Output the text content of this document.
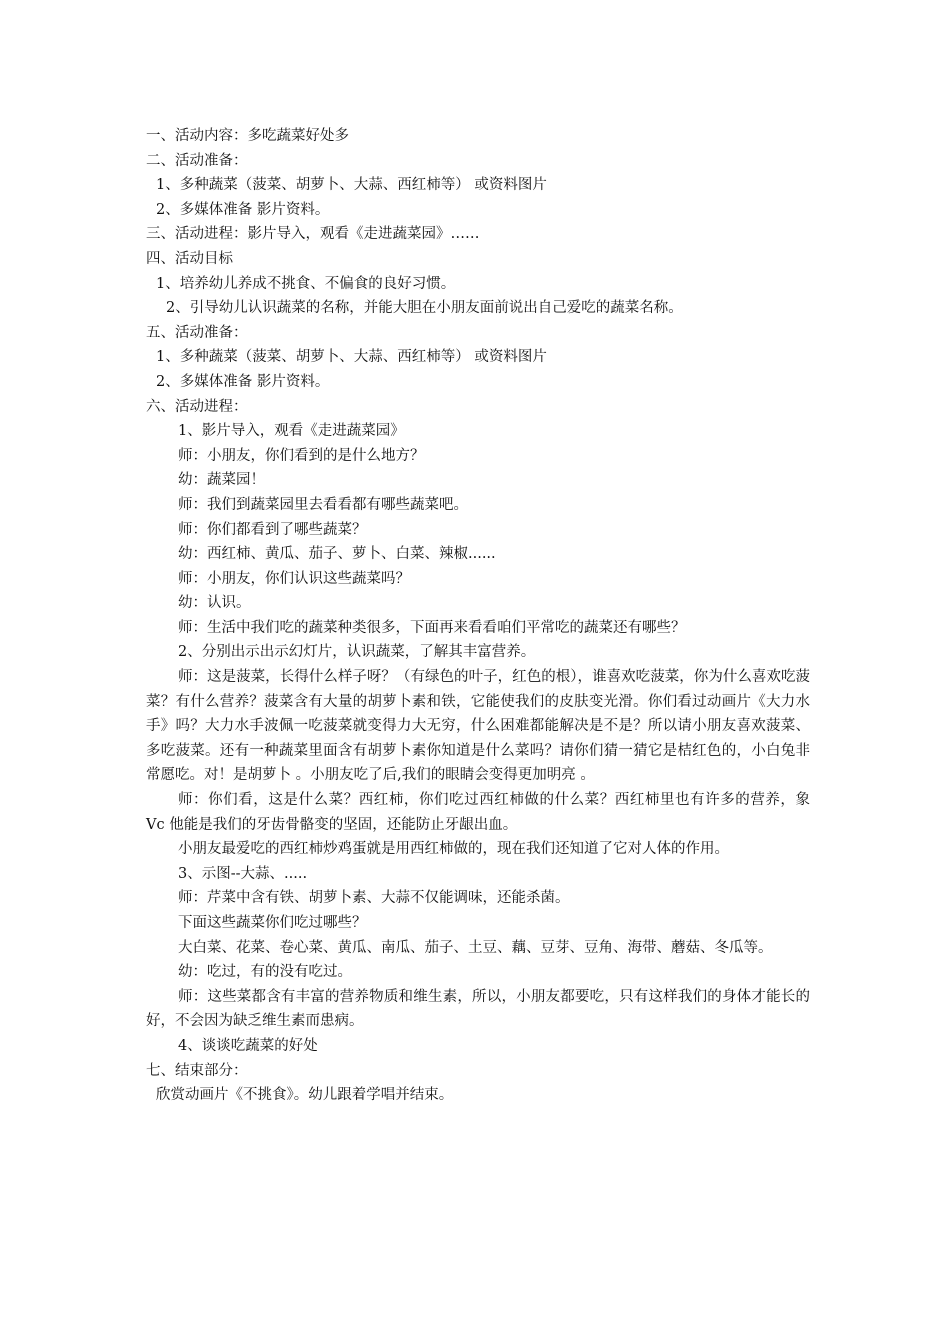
一、活动内容：多吃蔬菜好处多
二、活动准备：
1、多种蔬菜（菠菜、胡萝卜、大蒜、西红柿等） 或资料图片
2、多媒体准备 影片资料。
三、活动进程：影片导入，观看《走进蔬菜园》……
四、活动目标
1、培养幼儿养成不挑食、不偏食的良好习惯。
2、引导幼儿认识蔬菜的名称，并能大胆在小朋友面前说出自己爱吃的蔬菜名称。
五、活动准备：
1、多种蔬菜（菠菜、胡萝卜、大蒜、西红柿等） 或资料图片
2、多媒体准备 影片资料。
六、活动进程：
1、影片导入，观看《走进蔬菜园》
师：小朋友，你们看到的是什么地方？
幼：蔬菜园！
师：我们到蔬菜园里去看看都有哪些蔬菜吧。
师：你们都看到了哪些蔬菜？
幼：西红柿、黄瓜、茄子、萝卜、白菜、辣椒......
师：小朋友，你们认识这些蔬菜吗？
幼：认识。
师：生活中我们吃的蔬菜种类很多，下面再来看看咱们平常吃的蔬菜还有哪些？
2、分别出示出示幻灯片，认识蔬菜，了解其丰富营养。
师：这是菠菜，长得什么样子呀？（有绿色的叶子，红色的根），谁喜欢吃菠菜，你为什么喜欢吃菠菜？有什么营养？菠菜含有大量的胡萝卜素和铁，它能使我们的皮肤变光滑。你们看过动画片《大力水手》吗？大力水手波佩一吃菠菜就变得力大无穷，什么困难都能解决是不是？所以请小朋友喜欢菠菜、多吃菠菜。还有一种蔬菜里面含有胡萝卜素你知道是什么菜吗？请你们猜一猜它是桔红色的，小白兔非常愿吃。对！是胡萝卜 。小朋友吃了后,我们的眼睛会变得更加明亮 。
师：你们看，这是什么菜？西红柿，你们吃过西红柿做的什么菜？西红柿里也有许多的营养，象 Vc 他能是我们的牙齿骨骼变的坚固，还能防止牙龈出血。
小朋友最爱吃的西红柿炒鸡蛋就是用西红柿做的，现在我们还知道了它对人体的作用。
3、示图--大蒜、.....
师：芹菜中含有铁、胡萝卜素、大蒜不仅能调味，还能杀菌。
下面这些蔬菜你们吃过哪些？
大白菜、花菜、卷心菜、黄瓜、南瓜、茄子、土豆、藕、豆芽、豆角、海带、蘑菇、冬瓜等。
幼：吃过，有的没有吃过。
师：这些菜都含有丰富的营养物质和维生素，所以，小朋友都要吃，只有这样我们的身体才能长的好，不会因为缺乏维生素而患病。
4、谈谈吃蔬菜的好处
七、结束部分：
欣赏动画片《不挑食》。幼儿跟着学唱并结束。
